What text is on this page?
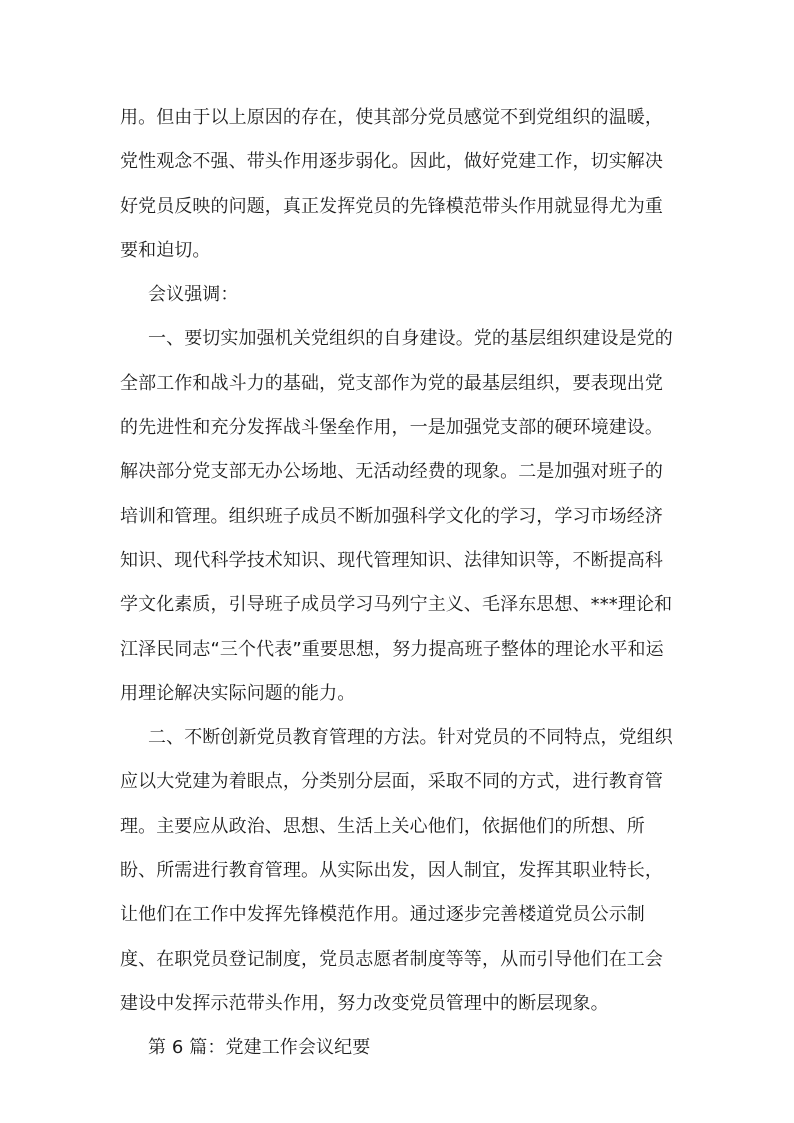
用。但由于以上原因的存在，使其部分党员感觉不到党组织的温暖，党性观念不强、带头作用逐步弱化。因此，做好党建工作，切实解决好党员反映的问题，真正发挥党员的先锋模范带头作用就显得尤为重要和迫切。

会议强调：

一、要切实加强机关党组织的自身建设。党的基层组织建设是党的全部工作和战斗力的基础，党支部作为党的最基层组织，要表现出党的先进性和充分发挥战斗堡垒作用，一是加强党支部的硬环境建设。解决部分党支部无办公场地、无活动经费的现象。二是加强对班子的培训和管理。组织班子成员不断加强科学文化的学习，学习市场经济知识、现代科学技术知识、现代管理知识、法律知识等，不断提高科学文化素质，引导班子成员学习马列宁主义、毛泽东思想、***理论和江泽民同志“三个代表”重要思想，努力提高班子整体的理论水平和运用理论解决实际问题的能力。

二、不断创新党员教育管理的方法。针对党员的不同特点，党组织应以大党建为着眼点，分类别分层面，采取不同的方式，进行教育管理。主要应从政治、思想、生活上关心他们，依据他们的所想、所盼、所需进行教育管理。从实际出发，因人制宜，发挥其职业特长，让他们在工作中发挥先锋模范作用。通过逐步完善楼道党员公示制度、在职党员登记制度，党员志愿者制度等等，从而引导他们在工会建设中发挥示范带头作用，努力改变党员管理中的断层现象。

第 6 篇：党建工作会议纪要
